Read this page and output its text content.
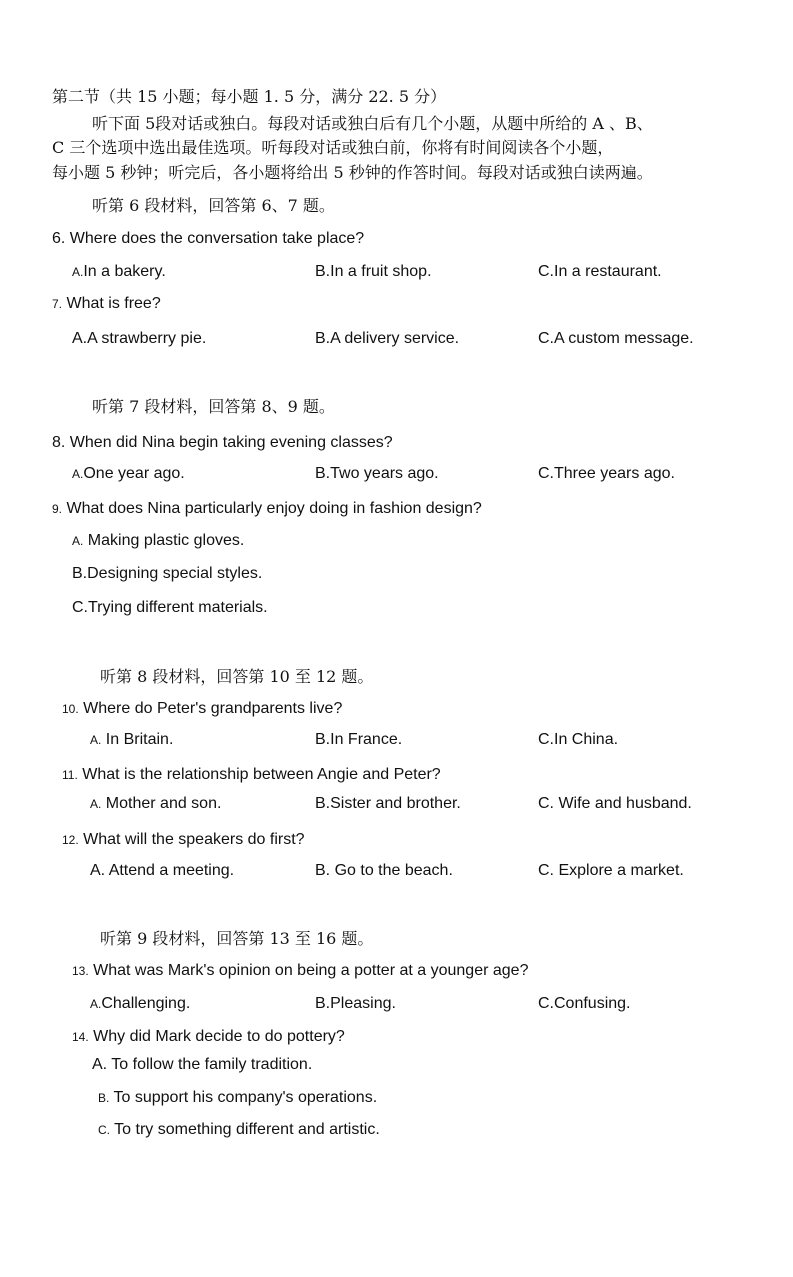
第二节（共 15 小题；每小题 1. 5 分，满分 22. 5 分）
听下面 5段对话或独白。每段对话或独白后有几个小题，从题中所给的 A 、B、
C 三个选项中选出最佳选项。听每段对话或独白前，你将有时间阅读各个小题，
每小题 5 秒钟；听完后，各小题将给出 5 秒钟的作答时间。每段对话或独白读两遍。
听第 6 段材料，回答第 6、7 题。
6. Where does the conversation take place?
A.In a bakery.	B.In a fruit shop.	C.In a restaurant.
7. What is free?
A.A strawberry pie.	B.A delivery service.	C.A custom message.
听第 7 段材料，回答第 8、9 题。
8. When did Nina begin taking evening classes?
A.One year ago.	B.Two years ago.	C.Three years ago.
9. What does Nina particularly enjoy doing in fashion design?
A. Making plastic gloves.
B.Designing special styles.
C.Trying different materials.
听第 8 段材料，回答第 10 至 12 题。
10. Where do Peter's grandparents live?
A. In Britain.	B.In France.	C.In China.
11. What is the relationship between Angie and Peter?
A. Mother and son.	B.Sister and brother.	C. Wife and husband.
12. What will the speakers do first?
A. Attend a meeting.	B. Go to the beach.	C. Explore a market.
听第 9 段材料，回答第 13 至 16 题。
13. What was Mark's opinion on being a potter at a younger age?
A.Challenging.	B.Pleasing.	C.Confusing.
14. Why did Mark decide to do pottery?
A. To follow the family tradition.
B. To support his company's operations.
C. To try something different and artistic.
